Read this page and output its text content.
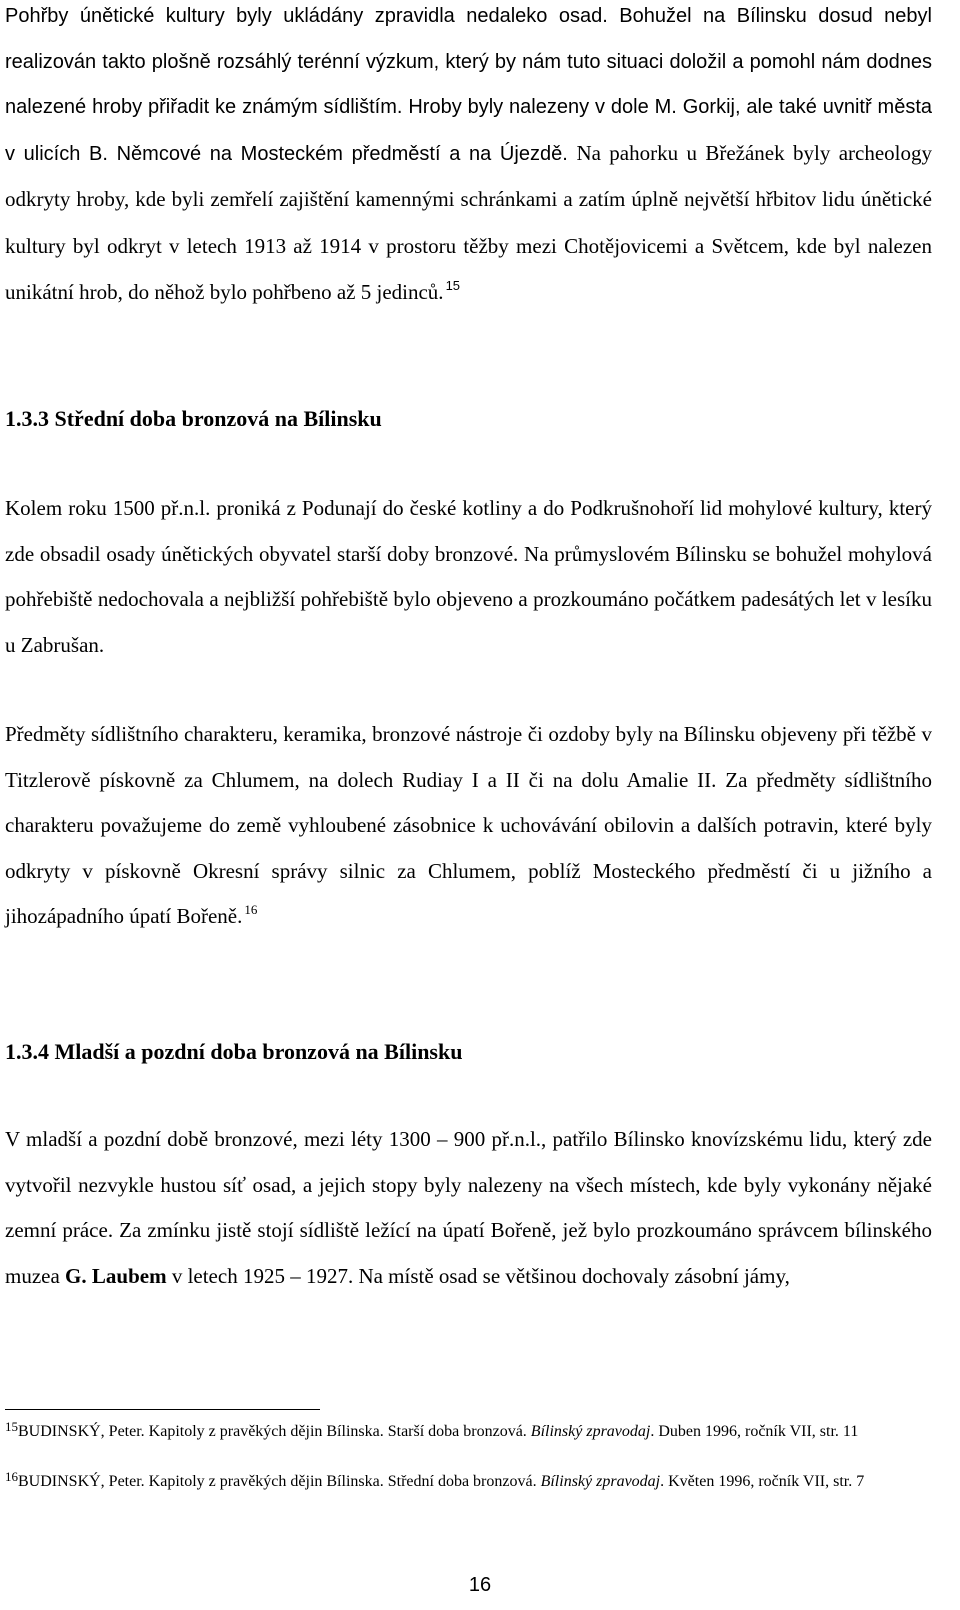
Pohřby únětické kultury byly ukládány zpravidla nedaleko osad. Bohužel na Bílinsku dosud nebyl realizován takto plošně rozsáhlý terénní výzkum, který by nám tuto situaci doložil a pomohl nám dodnes nalezené hroby přiřadit ke známým sídlištím. Hroby byly nalezeny v dole M. Gorkij, ale také uvnitř města v ulicích B. Němcové na Mosteckém předměstí a na Újezdě. Na pahorku u Břežánek byly archeology odkryty hroby, kde byli zemřelí zajištění kamennými schránkami a zatím úplně největší hřbitov lidu únětické kultury byl odkryt v letech 1913 až 1914 v prostoru těžby mezi Chotějovicemi a Světcem, kde byl nalezen unikátní hrob, do něhož bylo pohřbeno až 5 jedinců. $^{15}$

1.3.3 Střední doba bronzová na Bílinsku

Kolem roku 1500 př.n.l. proniká z Podunají do české kotliny a do Podkrušnohoří lid mohylové kultury, který zde obsadil osady únětických obyvatel starší doby bronzové. Na průmyslovém Bílinsku se bohužel mohylová pohřebiště nedochovala a nejbližší pohřebiště bylo objeveno a prozkoumáno počátkem padesátých let v lesíku u Zabrušan.

Předměty sídlištního charakteru, keramika, bronzové nástroje či ozdoby byly na Bílinsku objeveny při těžbě v Titzlerově pískovně za Chlumem, na dolech Rudiay I a II či na dolu Amalie II. Za předměty sídlištního charakteru považujeme do země vyhloubené zásobnice k uchovávání obilovin a dalších potravin, které byly odkryty v pískovně Okresní správy silnic za Chlumem, poblíž Mosteckého předměstí či u jižního a jihozápadního úpatí Bořeně. $^{16}$

1.3.4 Mladší a pozdní doba bronzová na Bílinsku

V mladší a pozdní době bronzové, mezi léty 1300 – 900 př.n.l., patřilo Bílinsko knovízskému lidu, který zde vytvořil nezvykle hustou síť osad, a jejich stopy byly nalezeny na všech místech, kde byly vykonány nějaké zemní práce. Za zmínku jistě stojí sídliště ležící na úpatí Bořeně, jež bylo prozkoumáno správcem bílinského muzea G. Laubem v letech 1925 – 1927. Na místě osad se většinou dochovaly zásobní jámy,

$^{15}$BUDINSKÝ, Peter. Kapitoly z pravěkých dějin Bílinska. Starší doba bronzová. Bílinský zpravodaj. Duben 1996, ročník VII, str. 11

$^{16}$BUDINSKÝ, Peter. Kapitoly z pravěkých dějin Bílinska. Střední doba bronzová. Bílinský zpravodaj. Květen 1996, ročník VII, str. 7

16
